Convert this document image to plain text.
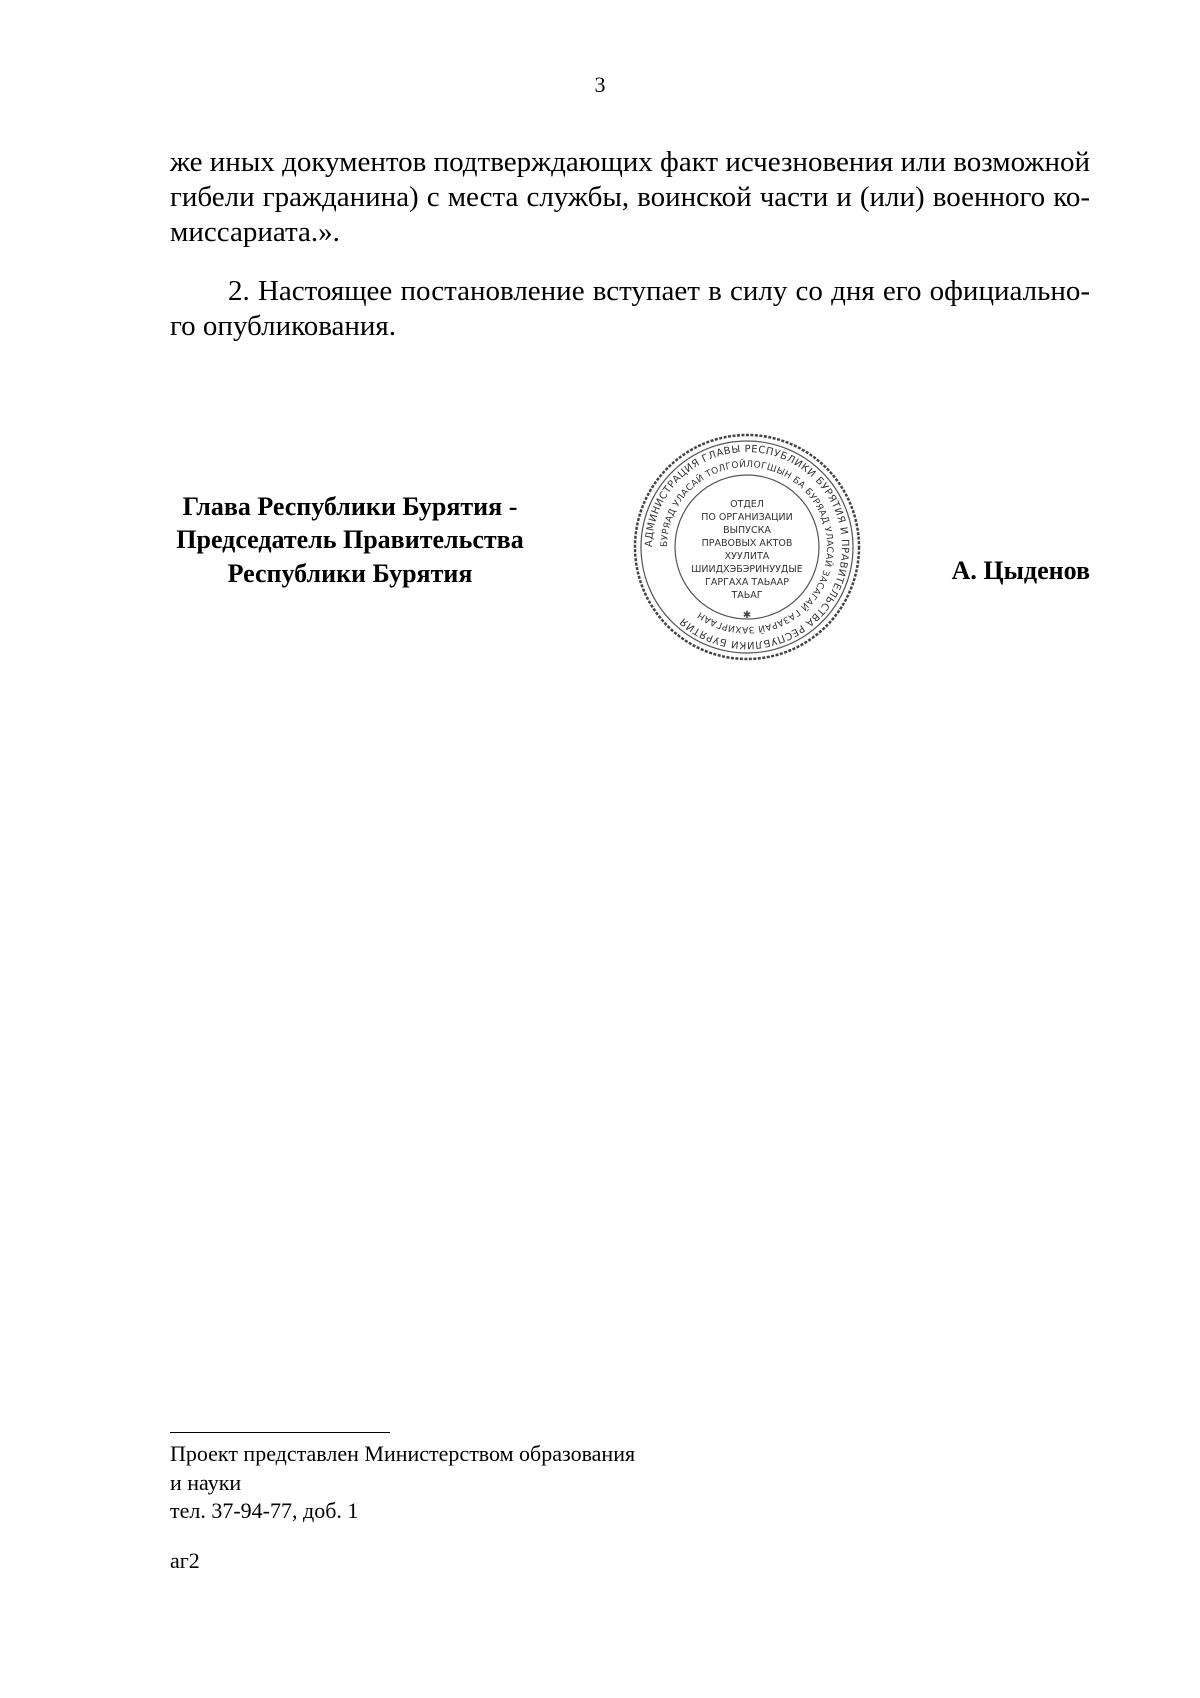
3
же иных документов подтверждающих факт исчезновения или возможной
гибели гражданина) с места службы, воинской части и (или) военного ко-
миссариата.».
2. Настоящее постановление вступает в силу со дня его официально-
го опубликования.
Глава Республики Бурятия -
Председатель Правительства
Республики Бурятия
АДМИНИСТРАЦИЯ ГЛАВЫ РЕСПУБЛИКИ БУРЯТИЯ И ПРАВИТЕЛЬСТВА РЕСПУБЛИКИ БУРЯТИЯ
БУРЯАД УЛАСАЙ ТОЛГОЙЛОГШЫН БА БУРЯАД УЛАСАЙ ЗАСАГАЙ ГАЗАРАЙ ЗАХИРГААН
ОТДЕЛ
ПО ОРГАНИЗАЦИИ
ВЫПУСКА
ПРАВОВЫХ АКТОВ
ХУУЛИТА
ШИИДХЭБЭРИНУУДЫЕ
ГАРГАХА ТАЬААР
ТАЬАГ
✱
А. Цыденов
Проект представлен Министерством образования
и науки
тел. 37-94-77, доб. 1
аг2
